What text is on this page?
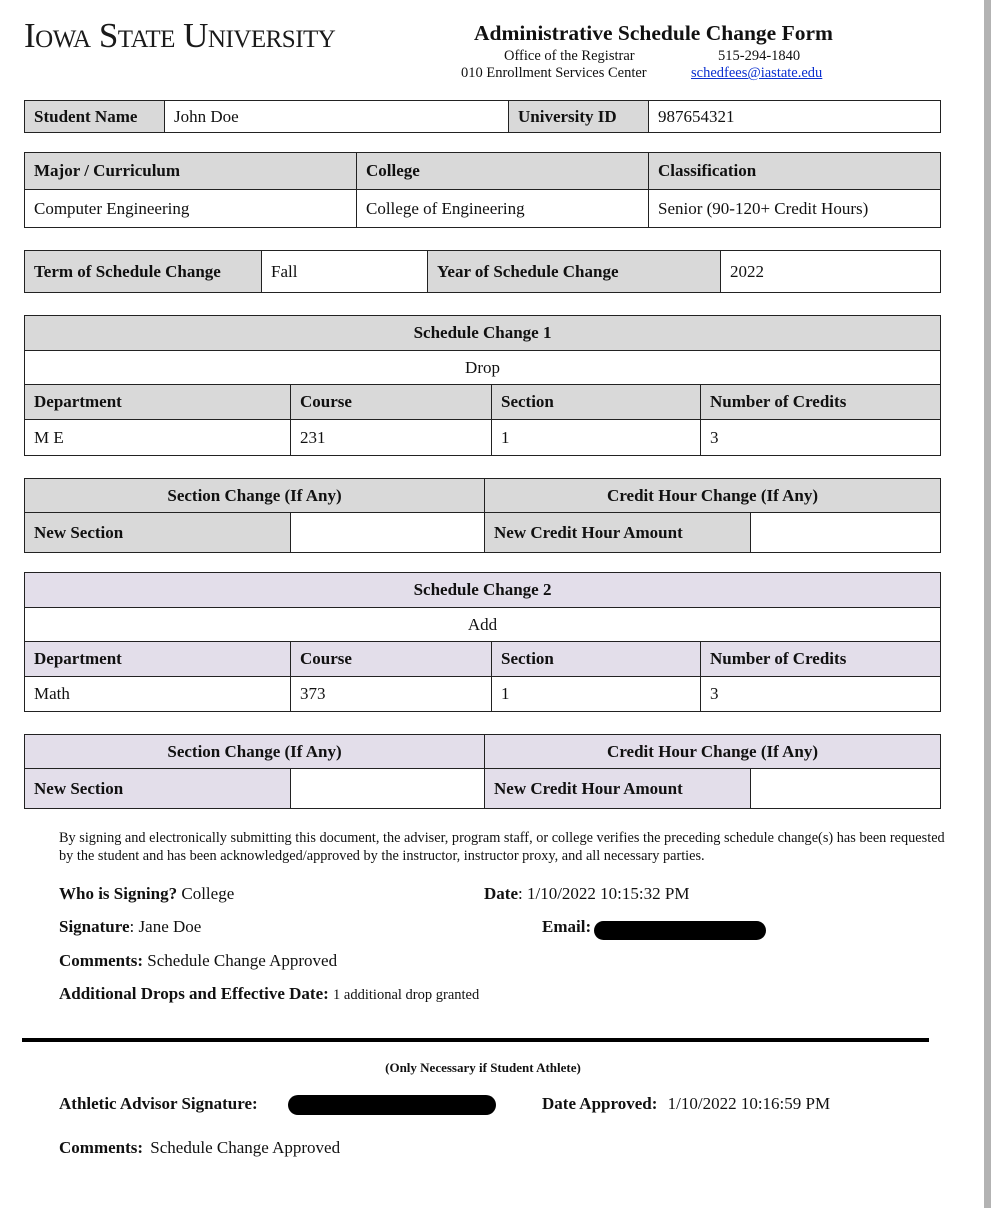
Iowa State University	Administrative Schedule Change Form
Office of the Registrar	515-294-1840
010 Enrollment Services Center	schedfees@iastate.edu
Student Name	John Doe	University ID	987654321
Major / Curriculum	College	Classification
Computer Engineering	College of Engineering	Senior (90-120+ Credit Hours)
Term of Schedule Change	Fall	Year of Schedule Change	2022
Schedule Change 1			
Drop			
Department	Course	Section	Number of Credits
M E	231	1	3
Section Change (If Any)		Credit Hour Change (If Any)	
New Section		New Credit Hour Amount	
Schedule Change 2			
Add			
Department	Course	Section	Number of Credits
Math	373	1	3
Section Change (If Any)		Credit Hour Change (If Any)	
New Section		New Credit Hour Amount	
By signing and electronically submitting this document, the adviser, program staff, or college verifies the preceding schedule change(s) has been requested by the student and has been acknowledged/approved by the instructor, instructor proxy, and all necessary parties.
Who is Signing? College	Date: 1/10/2022 10:15:32 PM
Signature: Jane Doe	Email:
Comments: Schedule Change Approved
Additional Drops and Effective Date: 1 additional drop granted
(Only Necessary if Student Athlete)
Athletic Advisor Signature:	Date Approved: 1/10/2022 10:16:59 PM
Comments: Schedule Change Approved
